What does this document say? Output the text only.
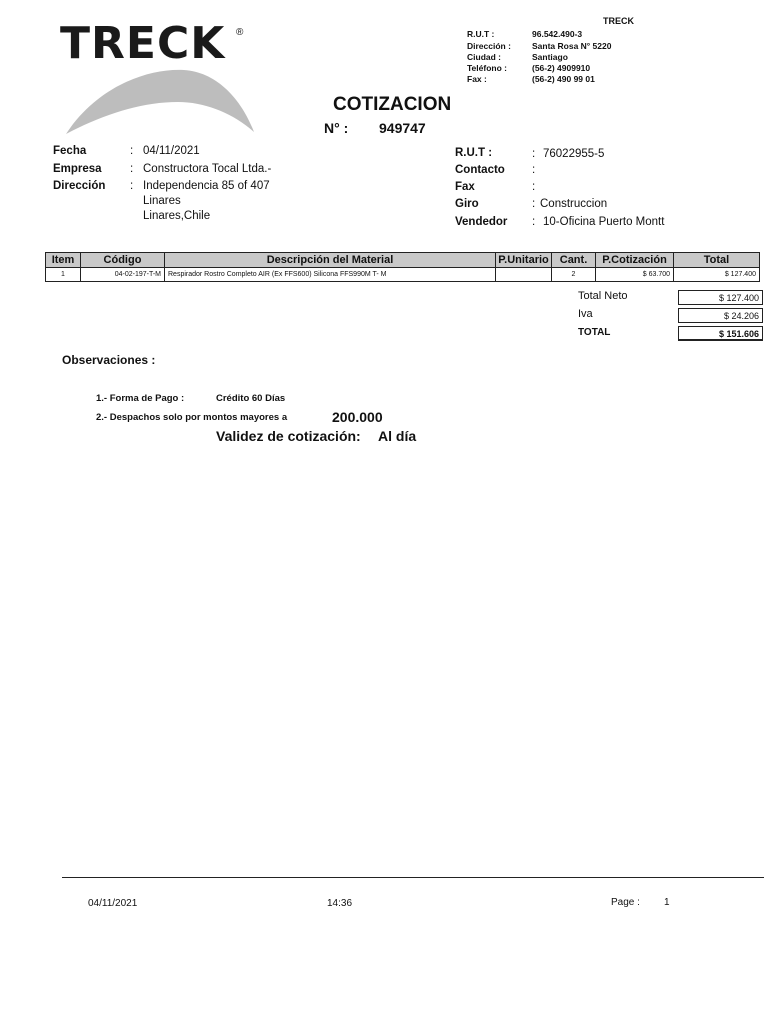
TRECK ®
TRECK
R.U.T :	96.542.490-3
Dirección : Santa Rosa N° 5220
Ciudad :	Santiago
Teléfono :	(56-2) 4909910
Fax :	(56-2) 490 99 01
COTIZACION
N° : 949747
Fecha	: 04/11/2021
Empresa : Constructora Tocal Ltda.-
Dirección : Independencia 85 of 407
Linares
Linares,Chile
R.U.T :	: 76022955-5
Contacto :
Fax	:
Giro	: Construccion
Vendedor : 10-Oficina Puerto Montt
Item	Código	Descripción del Material	P.Unitario	Cant.	P.Cotización	Total
1	04-02-197-T-M	Respirador Rostro Completo AIR (Ex FFS600) Silicona FFS990M T- M		2	$ 63.700	$ 127.400
Total Neto	$ 127.400
Iva	$ 24.206
TOTAL	$ 151.606
Observaciones :
1.- Forma de Pago :	Crédito 60 Días
2.- Despachos solo por montos mayores a	200.000
Validez de cotización: Al día
04/11/2021	14:36	Page : 1
